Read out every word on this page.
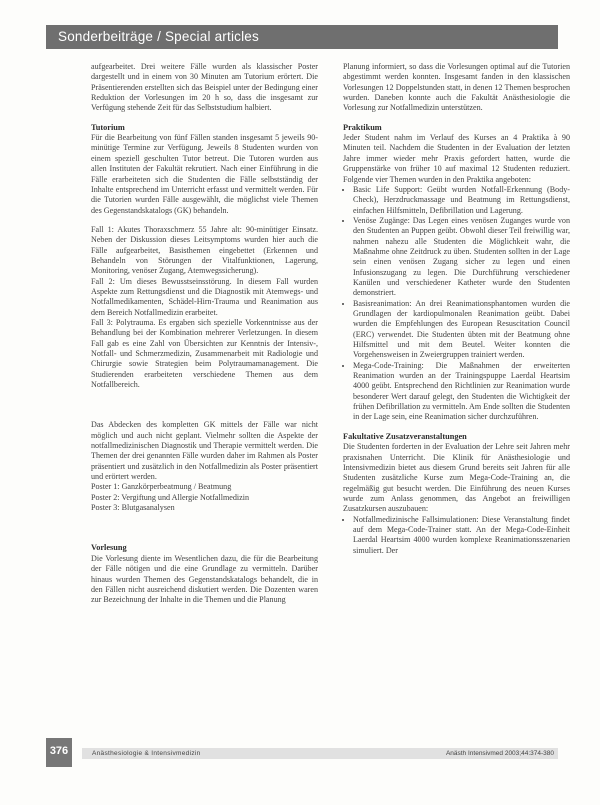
Sonderbeiträge / Special articles

aufgearbeitet. Drei weitere Fälle wurden als klassischer Poster dargestellt und in einem von 30 Minuten am Tutorium erörtert. Die Präsentierenden erstellten sich das Beispiel unter der Bedingung einer Reduktion der Vorlesungen im 20 h so, dass die insgesamt zur Verfügung stehende Zeit für das Selbststudium halbiert.

Tutorium

Für die Bearbeitung von fünf Fällen standen insgesamt 5 jeweils 90-minütige Termine zur Verfügung. Jeweils 8 Studenten wurden von einem speziell geschulten Tutor betreut. Die Tutoren wurden aus allen Instituten der Fakultät rekrutiert. Nach einer Einführung in die Fälle erarbeiteten sich die Studenten die Fälle selbstständig der Inhalte entsprechend im Unterricht erfasst und vermittelt werden. Für die Tutorien wurden Fälle ausgewählt, die möglichst viele Themen des Gegenstandskatalogs (GK) behandeln.

Fall 1: Akutes Thoraxschmerz 55 Jahre alt: 90-minütiger Einsatz. Neben der Diskussion dieses Leitsymptoms wurden hier auch die Fälle aufgearbeitet, Basisthemen eingebettet (Erkennen und Behandeln von Störungen der Vitalfunktionen, Lagerung, Monitoring, venöser Zugang, Atemwegssicherung).

Fall 2: Um dieses Bewusstseinsstörung. In diesem Fall wurden Aspekte zum Rettungsdienst und die Diagnostik mit Atemwegs- und Notfallmedikamenten, Schädel-Hirn-Trauma und Reanimation aus dem Bereich Notfallmedizin erarbeitet.

Fall 3: Polytrauma. Es ergaben sich spezielle Vorkenntnisse aus der Behandlung bei der Kombination mehrerer Verletzungen. In diesem Fall gab es eine Zahl von Übersichten zur Kenntnis der Intensiv-, Notfall- und Schmerzmedizin, Zusammenarbeit mit Radiologie und Chirurgie sowie Strategien beim Polytraumamanagement. Die Studierenden erarbeiteten verschiedene Themen aus dem Notfallbereich.

Das Abdecken des kompletten GK mittels der Fälle war nicht möglich und auch nicht geplant. Vielmehr sollten die Aspekte der notfallmedizinischen Diagnostik und Therapie vermittelt werden. Die Themen der drei genannten Fälle wurden daher im Rahmen als Poster präsentiert und zusätzlich in den Notfallmedizin als Poster präsentiert und erörtert werden.

Poster 1: Ganzkörperbeatmung / Beatmung

Poster 2: Vergiftung und Allergie Notfallmedizin

Poster 3: Blutgasanalysen

Vorlesung

Die Vorlesung diente im Wesentlichen dazu, die für die Bearbeitung der Fälle nötigen und die eine Grundlage zu vermitteln. Darüber hinaus wurden Themen des Gegenstandskatalogs behandelt, die in den Fällen nicht ausreichend diskutiert werden. Die Dozenten waren zur Bezeichnung der Inhalte in die Themen und die Planung

Planung informiert, so dass die Vorlesungen optimal auf die Tutorien abgestimmt werden konnten. Insgesamt fanden in den klassischen Vorlesungen 12 Doppelstunden statt, in denen 12 Themen besprochen wurden. Daneben konnte auch die Fakultät Anästhesiologie die Vorlesung zur Notfallmedizin unterstützen.

Praktikum

Jeder Student nahm im Verlauf des Kurses an 4 Praktika à 90 Minuten teil. Nachdem die Studenten in der Evaluation der letzten Jahre immer wieder mehr Praxis gefordert hatten, wurde die Gruppenstärke von früher 10 auf maximal 12 Studenten reduziert. Folgende vier Themen wurden in den Praktika angeboten:

• Basic Life Support: Geübt wurden Notfall-Erkennung (Body-Check), Herzdruckmassage und Beatmung im Rettungsdienst, einfachen Hilfsmitteln, Defibrillation und Lagerung.
• Venöse Zugänge: Das Legen eines venösen Zuganges wurde von den Studenten an Puppen geübt. Obwohl dieser Teil freiwillig war, nahmen nahezu alle Studenten die Möglichkeit wahr, die Maßnahme ohne Zeitdruck zu üben. Studenten sollten in der Lage sein einen venösen Zugang sicher zu legen und einen Infusionszugang zu legen. Die Durchführung verschiedener Kanülen und verschiedener Katheter wurde den Studenten demonstriert.
• Basisreanimation: An drei Reanimationsphantomen wurden die Grundlagen der kardiopulmonalen Reanimation geübt. Dabei wurden die Empfehlungen des European Resuscitation Council (ERC) verwendet. Die Studenten übten mit der Beatmung ohne Hilfsmittel und mit dem Beutel. Weiter konnten die Vorgehensweisen in Zweiergruppen trainiert werden.
• Mega-Code-Training: Die Maßnahmen der erweiterten Reanimation wurden an der Trainingspuppe Laerdal Heartsim 4000 geübt. Entsprechend den Richtlinien zur Reanimation wurde besonderer Wert darauf gelegt, den Studenten die Wichtigkeit der frühen Defibrillation zu vermitteln. Am Ende sollten die Studenten in der Lage sein, eine Reanimation sicher durchzuführen.
Fakultative Zusatzveranstaltungen

Die Studenten forderten in der Evaluation der Lehre seit Jahren mehr praxisnahen Unterricht. Die Klinik für Anästhesiologie und Intensivmedizin bietet aus diesem Grund bereits seit Jahren für alle Studenten zusätzliche Kurse zum Mega-Code-Training an, die regelmäßig gut besucht werden. Die Einführung des neuen Kurses wurde zum Anlass genommen, das Angebot an freiwilligen Zusatzkursen auszubauen:

• Notfallmedizinische Fallsimulationen: Diese Veranstaltung findet auf dem Mega-Code-Trainer statt. An der Mega-Code-Einheit Laerdal Heartsim 4000 wurden komplexe Reanimationsszenarien simuliert. Der
376	Anästhesiologie & Intensivmedizin	Anästh Intensivmed 2003;44:374-380
